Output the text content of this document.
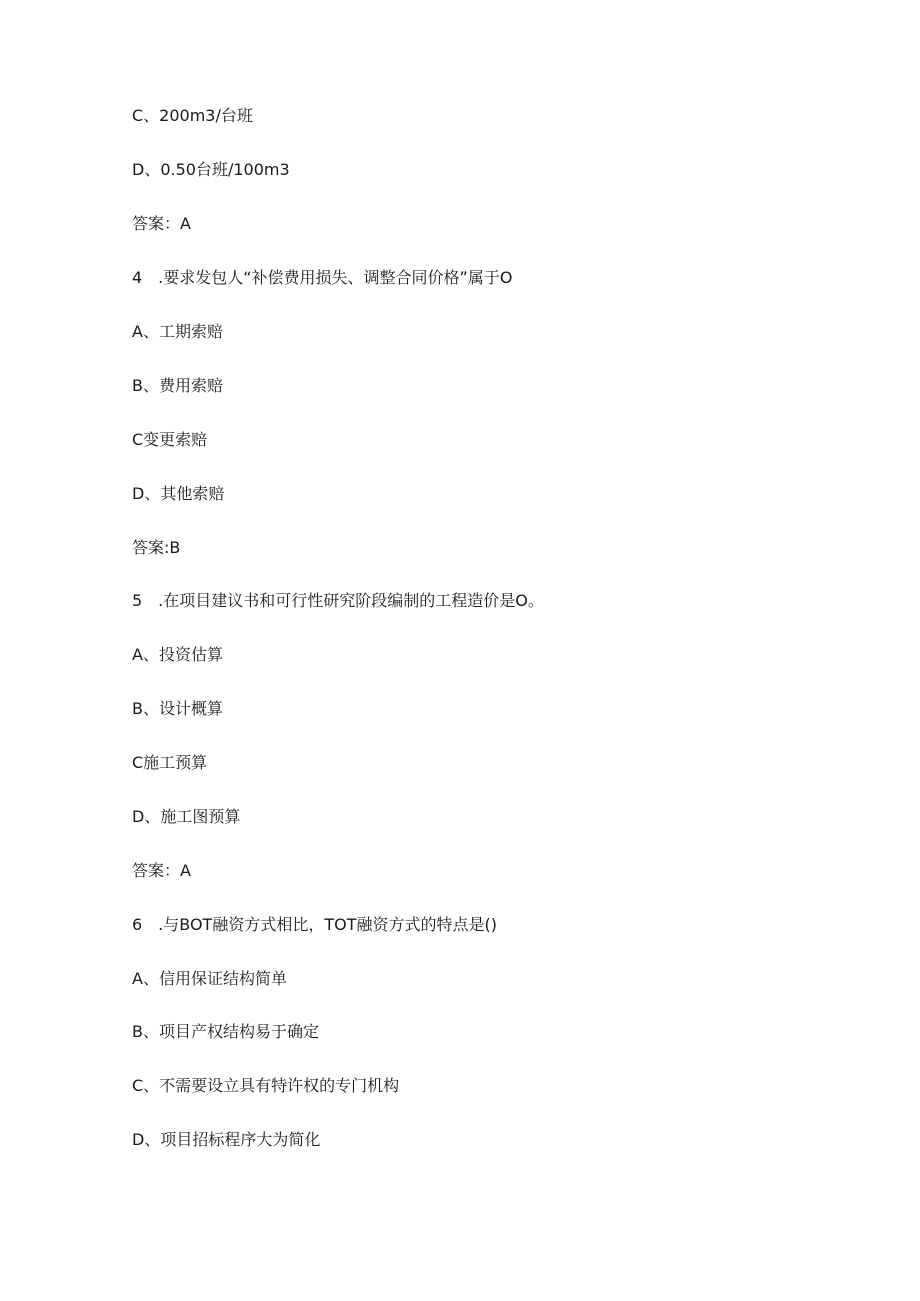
C、200m3∕台班
D、0.50台班∕100m3
答案：A
4　.要求发包人“补偿费用损失、调整合同价格”属于O
A、工期索赔
B、费用索赔
C变更索赔
D、其他索赔
答案:B
5　.在项目建议书和可行性研究阶段编制的工程造价是O。
A、投资估算
B、设计概算
C施工预算
D、施工图预算
答案：A
6　.与BOT融资方式相比，TOT融资方式的特点是()
A、信用保证结构简单
B、项目产权结构易于确定
C、不需要设立具有特许权的专门机构
D、项目招标程序大为简化
